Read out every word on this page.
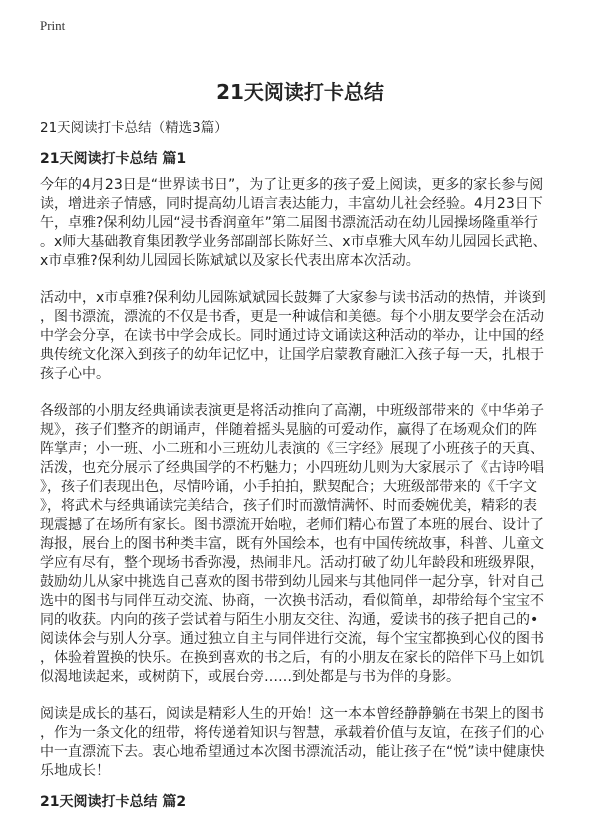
Print
21天阅读打卡总结
21天阅读打卡总结（精选3篇）
21天阅读打卡总结 篇1
今年的4月23日是“世界读书日”，为了让更多的孩子爱上阅读，更多的家长参与阅
读，增进亲子情感，同时提高幼儿语言表达能力，丰富幼儿社会经验。4月23日下
午，卓雅?保利幼儿园“浸书香润童年”第二届图书漂流活动在幼儿园操场隆重举行
。x师大基础教育集团教学业务部副部长陈好兰、x市卓雅大风车幼儿园园长武艳、
x市卓雅?保利幼儿园园长陈斌斌以及家长代表出席本次活动。
活动中，x市卓雅?保利幼儿园陈斌斌园长鼓舞了大家参与读书活动的热情，并谈到
，图书漂流，漂流的不仅是书香，更是一种诚信和美德。每个小朋友要学会在活动
中学会分享，在读书中学会成长。同时通过诗文诵读这种活动的举办，让中国的经
典传统文化深入到孩子的幼年记忆中，让国学启蒙教育融汇入孩子每一天，扎根于
孩子心中。
各级部的小朋友经典诵读表演更是将活动推向了高潮，中班级部带来的《中华弟子
规》，孩子们整齐的朗诵声，伴随着摇头晃脑的可爱动作，赢得了在场观众们的阵
阵掌声；小一班、小二班和小三班幼儿表演的《三字经》展现了小班孩子的天真、
活泼，也充分展示了经典国学的不朽魅力；小四班幼儿则为大家展示了《古诗吟唱
》，孩子们表现出色，尽情吟诵，小手拍拍，默契配合；大班级部带来的《千字文
》，将武术与经典诵读完美结合，孩子们时而激情满怀、时而委婉优美，精彩的表
现震撼了在场所有家长。图书漂流开始啦，老师们精心布置了本班的展台、设计了
海报，展台上的图书种类丰富，既有外国绘本，也有中国传统故事，科普、儿童文
学应有尽有，整个现场书香弥漫，热闹非凡。活动打破了幼儿年龄段和班级界限，
鼓励幼儿从家中挑选自己喜欢的图书带到幼儿园来与其他同伴一起分享，针对自己
选中的图书与同伴互动交流、协商，一次换书活动，看似简单，却带给每个宝宝不
同的收获。内向的孩子尝试着与陌生小朋友交往、沟通，爱读书的孩子把自己的•
阅读体会与别人分享。通过独立自主与同伴进行交流，每个宝宝都换到心仪的图书
，体验着置换的快乐。在换到喜欢的书之后，有的小朋友在家长的陪伴下马上如饥
似渴地读起来，或树荫下，或展台旁……到处都是与书为伴的身影。
阅读是成长的基石，阅读是精彩人生的开始！这一本本曾经静静躺在书架上的图书
，作为一条文化的纽带，将传递着知识与智慧，承载着价值与友谊，在孩子们的心
中一直漂流下去。衷心地希望通过本次图书漂流活动，能让孩子在“悦”读中健康快
乐地成长！
21天阅读打卡总结 篇2
